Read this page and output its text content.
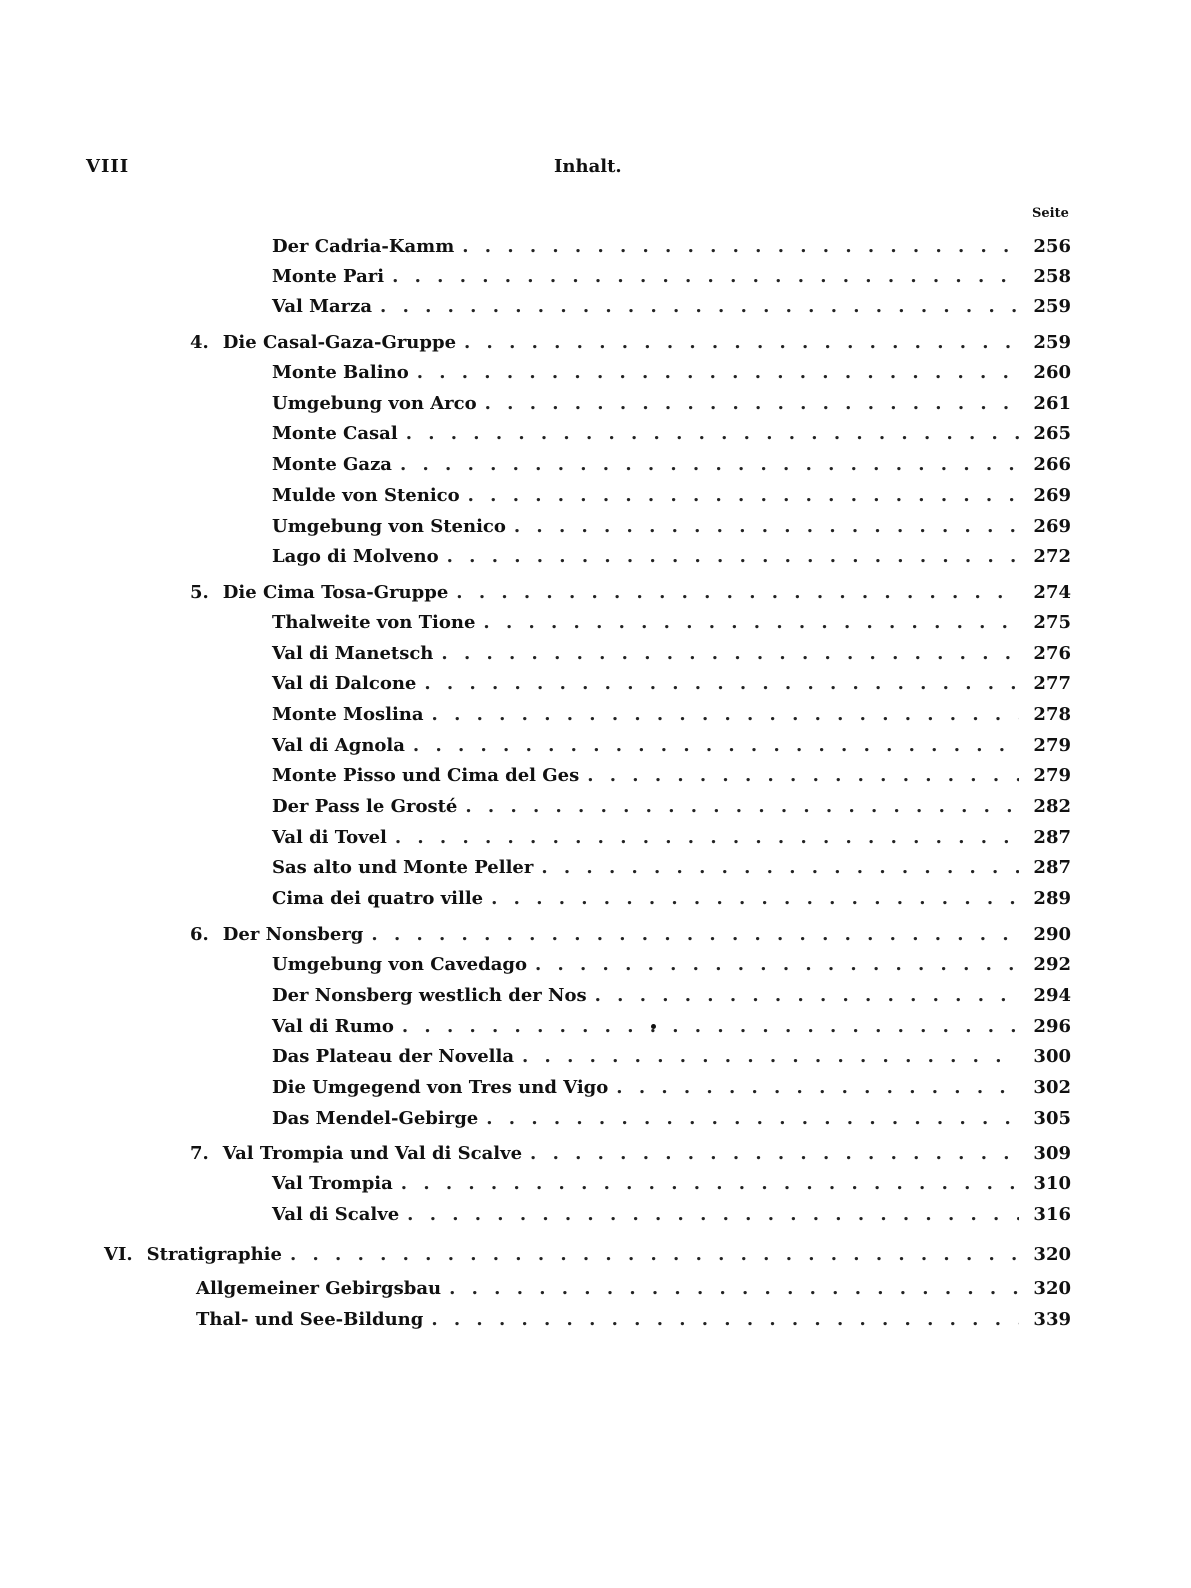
VIII	Inhalt.
Seite
Der Cadria-Kamm . . .	256
Monte Pari . . .	258
Val Marza . . .	259
4. Die Casal-Gaza-Gruppe . . .	259
Monte Balino . . .	260
Umgebung von Arco . . .	261
Monte Casal . . .	265
Monte Gaza . . .	266
Mulde von Stenico . . .	269
Umgebung von Stenico . . .	269
Lago di Molveno . . .	272
5. Die Cima Tosa-Gruppe . . .	274
Thalweite von Tione . . .	275
Val di Manetsch . . .	276
Val di Dalcone . . .	277
Monte Moslina . . .	278
Val di Agnola . . .	279
Monte Pisso und Cima del Ges . . .	279
Der Pass le Grosté . . .	282
Val di Tovel . . .	287
Sas alto und Monte Peller . . .	287
Cima dei quatro ville . . .	289
6. Der Nonsberg . . .	290
Umgebung von Cavedago . . .	292
Der Nonsberg westlich der Nos . . .	294
Val di Rumo . . .	296
Das Plateau der Novella . . .	300
Die Umgegend von Tres und Vigo . . .	302
Das Mendel-Gebirge . . .	305
7. Val Trompia und Val di Scalve . . .	309
Val Trompia . . .	310
Val di Scalve . . .	316
VI. Stratigraphie . . .	320
Allgemeiner Gebirgsbau . . .	320
Thal- und See-Bildung . . .	339
